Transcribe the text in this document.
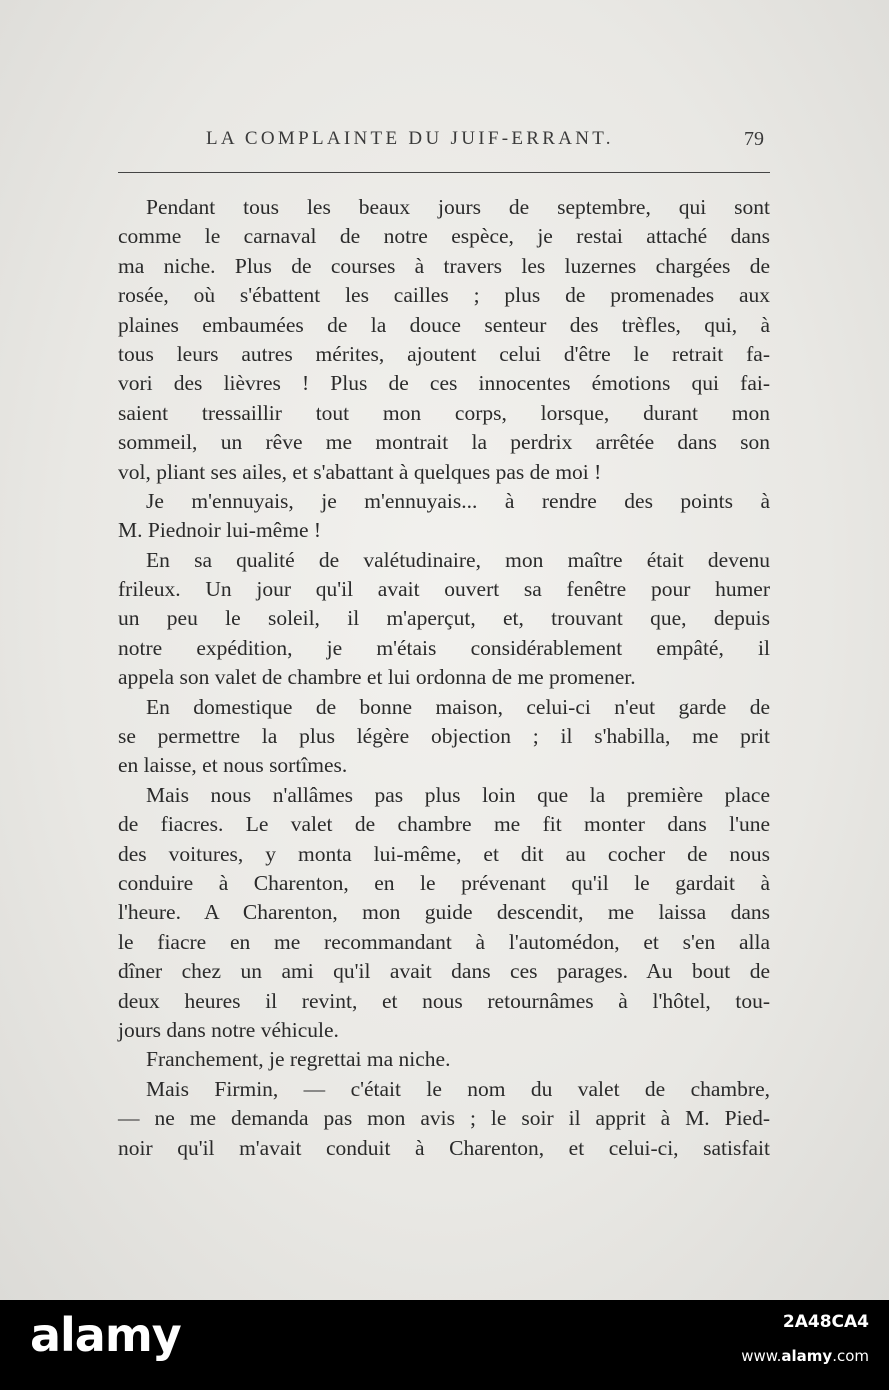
LA COMPLAINTE DU JUIF-ERRANT.	79
Pendant tous les beaux jours de septembre, qui sont
comme le carnaval de notre espèce, je restai attaché dans
ma niche. Plus de courses à travers les luzernes chargées de
rosée, où s'ébattent les cailles ; plus de promenades aux
plaines embaumées de la douce senteur des trèfles, qui, à
tous leurs autres mérites, ajoutent celui d'être le retrait fa-
vori des lièvres ! Plus de ces innocentes émotions qui fai-
saient tressaillir tout mon corps, lorsque, durant mon
sommeil, un rêve me montrait la perdrix arrêtée dans son
vol, pliant ses ailes, et s'abattant à quelques pas de moi !
Je m'ennuyais, je m'ennuyais... à rendre des points à
M. Piednoir lui-même !
En sa qualité de valétudinaire, mon maître était devenu
frileux. Un jour qu'il avait ouvert sa fenêtre pour humer
un peu le soleil, il m'aperçut, et, trouvant que, depuis
notre expédition, je m'étais considérablement empâté, il
appela son valet de chambre et lui ordonna de me promener.
En domestique de bonne maison, celui-ci n'eut garde de
se permettre la plus légère objection ; il s'habilla, me prit
en laisse, et nous sortîmes.
Mais nous n'allâmes pas plus loin que la première place
de fiacres. Le valet de chambre me fit monter dans l'une
des voitures, y monta lui-même, et dit au cocher de nous
conduire à Charenton, en le prévenant qu'il le gardait à
l'heure. A Charenton, mon guide descendit, me laissa dans
le fiacre en me recommandant à l'automédon, et s'en alla
dîner chez un ami qu'il avait dans ces parages. Au bout de
deux heures il revint, et nous retournâmes à l'hôtel, tou-
jours dans notre véhicule.
Franchement, je regrettai ma niche.
Mais Firmin, — c'était le nom du valet de chambre,
— ne me demanda pas mon avis ; le soir il apprit à M. Pied-
noir qu'il m'avait conduit à Charenton, et celui-ci, satisfait
alamy	2A48CA4
www.alamy.com
